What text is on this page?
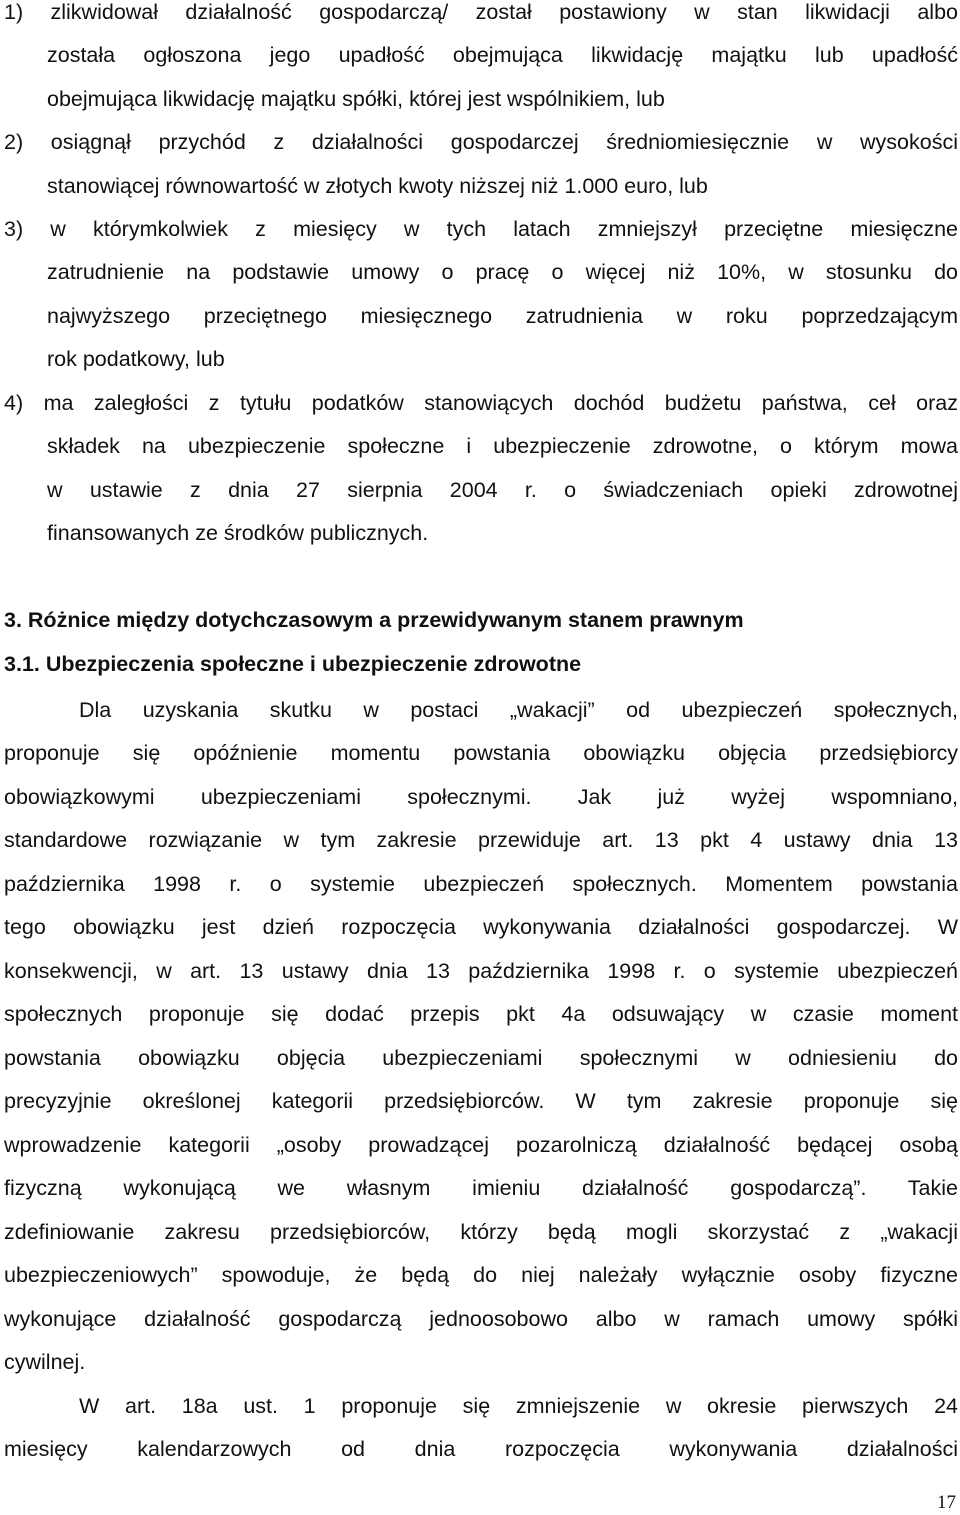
1) zlikwidował działalność gospodarczą/ został postawiony w stan likwidacji albo
została ogłoszona jego upadłość obejmująca likwidację majątku lub upadłość
obejmująca likwidację majątku spółki, której jest wspólnikiem, lub
2) osiągnął przychód z działalności gospodarczej średniomiesięcznie w wysokości
stanowiącej równowartość w złotych kwoty niższej niż 1.000 euro, lub
3) w którymkolwiek z miesięcy w tych latach zmniejszył przeciętne miesięczne
zatrudnienie na podstawie umowy o pracę o więcej niż 10%, w stosunku do
najwyższego przeciętnego miesięcznego zatrudnienia w roku poprzedzającym
rok podatkowy, lub
4) ma zaległości z tytułu podatków stanowiących dochód budżetu państwa, ceł oraz
składek na ubezpieczenie społeczne i ubezpieczenie zdrowotne, o którym mowa
w ustawie z dnia 27 sierpnia 2004 r. o świadczeniach opieki zdrowotnej
finansowanych ze środków publicznych.
3. Różnice między dotychczasowym a przewidywanym stanem prawnym
3.1. Ubezpieczenia społeczne i ubezpieczenie zdrowotne
Dla uzyskania skutku w postaci „wakacji” od ubezpieczeń społecznych,
proponuje się opóźnienie momentu powstania obowiązku objęcia przedsiębiorcy
obowiązkowymi ubezpieczeniami społecznymi. Jak już wyżej wspomniano,
standardowe rozwiązanie w tym zakresie przewiduje art. 13 pkt 4 ustawy dnia 13
października 1998 r. o systemie ubezpieczeń społecznych. Momentem powstania
tego obowiązku jest dzień rozpoczęcia wykonywania działalności gospodarczej. W
konsekwencji, w art. 13 ustawy dnia 13 października 1998 r. o systemie ubezpieczeń
społecznych proponuje się dodać przepis pkt 4a odsuwający w czasie moment
powstania obowiązku objęcia ubezpieczeniami społecznymi w odniesieniu do
precyzyjnie określonej kategorii przedsiębiorców. W tym zakresie proponuje się
wprowadzenie kategorii „osoby prowadzącej pozarolniczą działalność będącej osobą
fizyczną wykonującą we własnym imieniu działalność gospodarczą”. Takie
zdefiniowanie zakresu przedsiębiorców, którzy będą mogli skorzystać z „wakacji
ubezpieczeniowych” spowoduje, że będą do niej należały wyłącznie osoby fizyczne
wykonujące działalność gospodarczą jednoosobowo albo w ramach umowy spółki
cywilnej.
W art. 18a ust. 1 proponuje się zmniejszenie w okresie pierwszych 24
miesięcy kalendarzowych od dnia rozpoczęcia wykonywania działalności
17
